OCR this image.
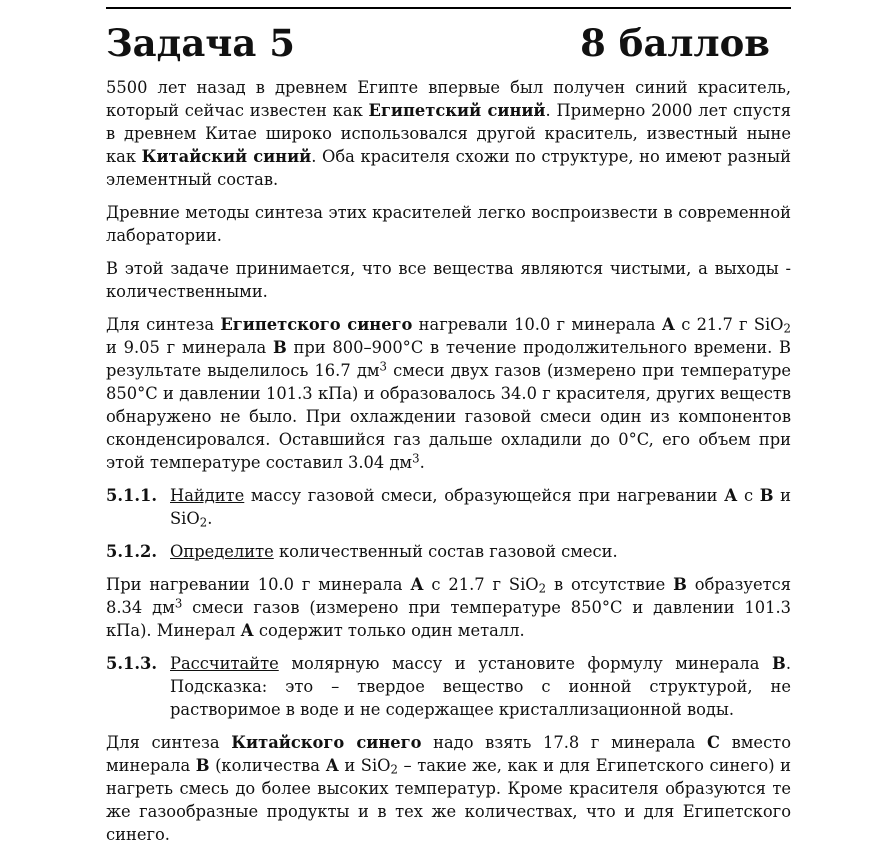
Задача 5	8 баллов

5500 лет назад в древнем Египте впервые был получен синий краситель, который сейчас известен как Египетский синий. Примерно 2000 лет спустя в древнем Китае широко использовался другой краситель, известный ныне как Китайский синий. Оба красителя схожи по структуре, но имеют разный элементный состав.

Древние методы синтеза этих красителей легко воспроизвести в современной лаборатории.

В этой задаче принимается, что все вещества являются чистыми, а выходы - количественными.

Для синтеза Египетского синего нагревали 10.0 г минерала А с 21.7 г SiO$_2$ и 9.05 г минерала В при 800–900°C в течение продолжительного времени. В результате выделилось 16.7 $дм^3$ смеси двух газов (измерено при температуре 850°C и давлении 101.3 кПа) и образовалось 34.0 г красителя, других веществ обнаружено не было. При охлаждении газовой смеси один из компонентов сконденсировался. Оставшийся газ дальше охладили до 0°C, его объем при этой температуре составил 3.04 $дм^3$.

5.1.1. Найдите массу газовой смеси, образующейся при нагревании А с В и SiO$_2$.
5.1.2. Определите количественный состав газовой смеси.

При нагревании 10.0 г минерала А с 21.7 г SiO$_2$ в отсутствие В образуется 8.34 $дм^3$ смеси газов (измерено при температуре 850°C и давлении 101.3 кПа). Минерал А содержит только один металл.

5.1.3. Рассчитайте молярную массу и установите формулу минерала В. Подсказка: это – твердое вещество с ионной структурой, не растворимое в воде и не содержащее кристаллизационной воды.

Для синтеза Китайского синего надо взять 17.8 г минерала С вместо минерала В (количества А и SiO$_2$ – такие же, как и для Египетского синего) и нагреть смесь до более высоких температур. Кроме красителя образуются те же газообразные продукты и в тех же количествах, что и для Египетского синего.
